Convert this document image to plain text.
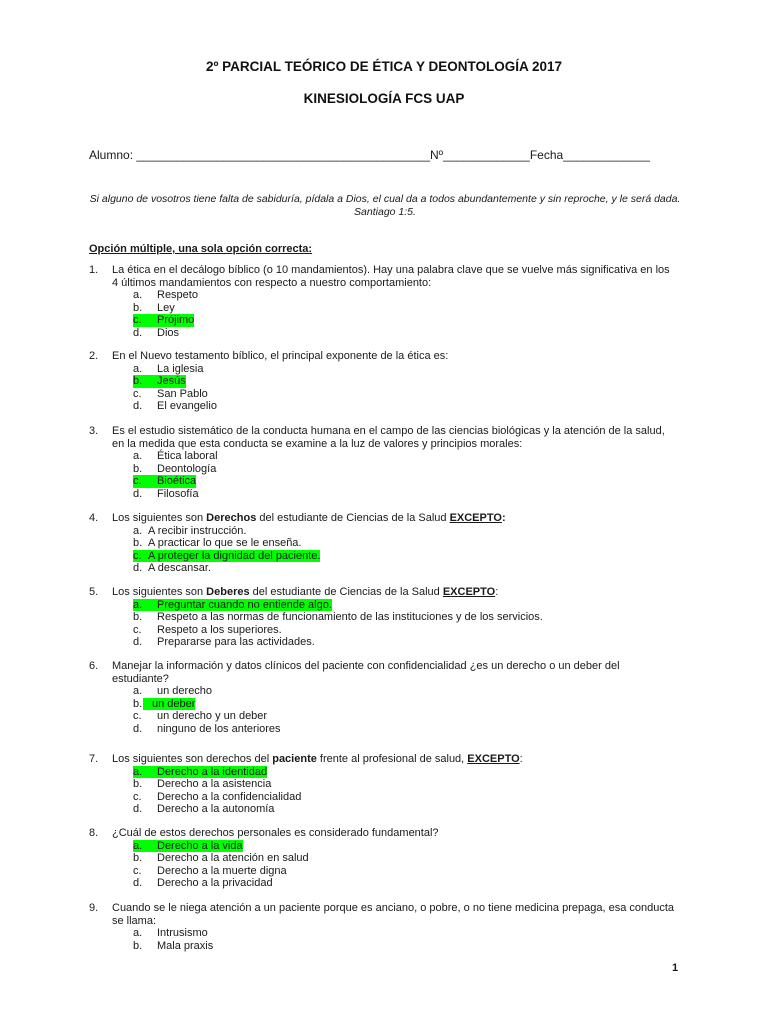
2º PARCIAL TEÓRICO DE ÉTICA Y DEONTOLOGÍA 2017
KINESIOLOGÍA FCS UAP
Alumno: ____________________________________________Nº_____________Fecha_____________
Si alguno de vosotros tiene falta de sabiduría, pídala a Dios, el cual da a todos abundantemente y sin reproche, y le será dada. Santiago 1:5.
Opción múltiple, una sola opción correcta:
1.	La ética en el decálogo bíblico (o 10 mandamientos). Hay una palabra clave que se vuelve más significativa en los 4 últimos mandamientos con respecto a nuestro comportamiento:
a.	Respeto
b.	Ley
c.	Prójimo
d.	Dios
2.	En el Nuevo testamento bíblico, el principal exponente de la ética es:
a.	La iglesia
b.	Jesús
c.	San Pablo
d.	El evangelio
3.	Es el estudio sistemático de la conducta humana en el campo de las ciencias biológicas y la atención de la salud, en la medida que esta conducta se examine a la luz de valores y principios morales:
a.	Ética laboral
b.	Deontología
c.	Bioética
d.	Filosofía
4.	Los siguientes son Derechos del estudiante de Ciencias de la Salud EXCEPTO:
a. A recibir instrucción.
b. A practicar lo que se le enseña.
c. A proteger la dignidad del paciente.
d. A descansar.
5.	Los siguientes son Deberes del estudiante de Ciencias de la Salud EXCEPTO:
a.	Preguntar cuando no entiende algo.
b.	Respeto a las normas de funcionamiento de las instituciones y de los servicios.
c.	Respeto a los superiores.
d.	Prepararse para las actividades.
6.	Manejar la información y datos clínicos del paciente con confidencialidad ¿es un derecho o un deber del estudiante?
a.	un derecho
b. un deber
c.	un derecho y un deber
d.	ninguno de los anteriores
7.	Los siguientes son derechos del paciente frente al profesional de salud, EXCEPTO:
a.	Derecho a la identidad
b.	Derecho a la asistencia
c.	Derecho a la confidencialidad
d.	Derecho a la autonomía
8.	¿Cuál de estos derechos personales es considerado fundamental?
a.	Derecho a la vida
b.	Derecho a la atención en salud
c.	Derecho a la muerte digna
d.	Derecho a la privacidad
9.	Cuando se le niega atención a un paciente porque es anciano, o pobre, o no tiene medicina prepaga, esa conducta se llama:
a.	Intrusismo
b.	Mala praxis
1
